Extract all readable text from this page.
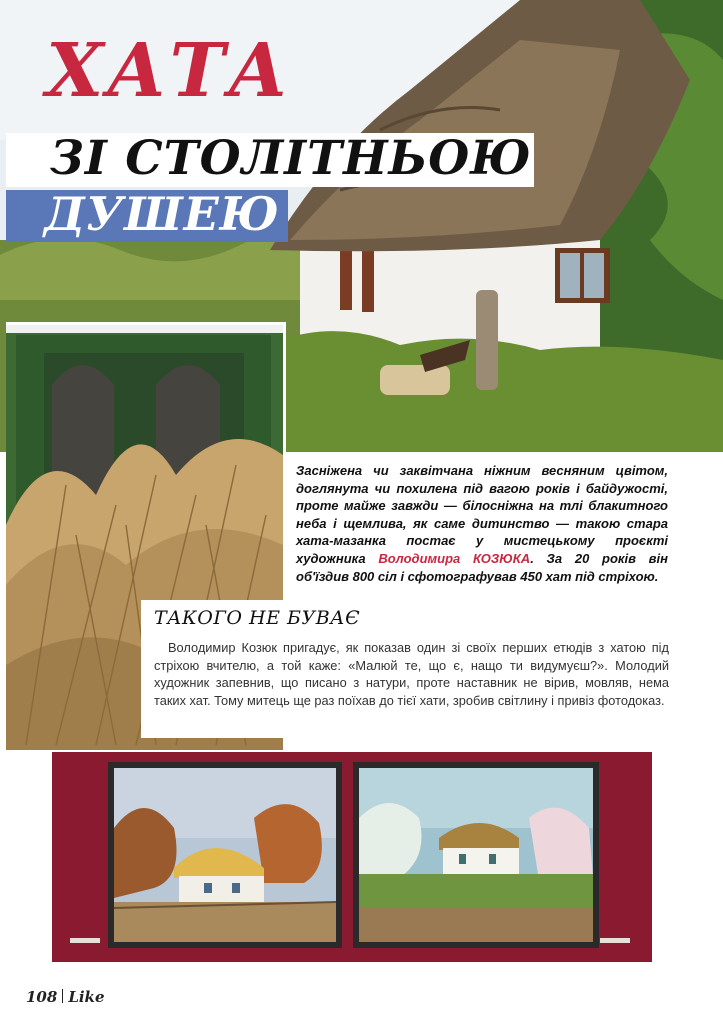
ХАТА
ЗІ СТОЛІТНЬОЮ
ДУШЕЮ

Засніжена чи заквітчана ніжним весняним цвітом, доглянута чи похилена під вагою років і байдужості, проте майже завжди — білосніжна на тлі блакитного неба і щемлива, як саме дитинство — такою стара хата-мазанка постає у мистецькому проєкті художника Володимира КОЗЮКА. За 20 років він об'їздив 800 сіл і сфотографував 450 хат під стріхою.

ТАКОГО НЕ БУВАЄ

Володимир Козюк пригадує, як показав один зі своїх перших етюдів з хатою під стріхою вчителю, а той каже: «Малюй те, що є, нащо ти видумуєш?». Молодий художник запевнив, що писано з натури, проте наставник не вірив, мовляв, нема таких хат. Тому митець ще раз поїхав до тієї хати, зробив світлину і привіз фотодоказ.

108 Like
